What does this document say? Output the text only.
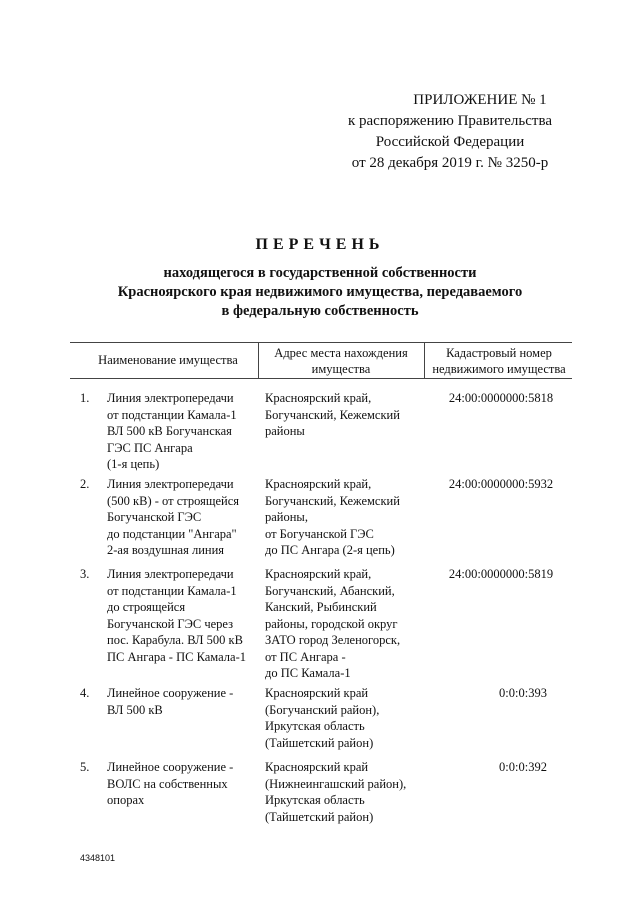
ПРИЛОЖЕНИЕ № 1
к распоряжению Правительства
Российской Федерации
от 28 декабря 2019 г. № 3250-р
ПЕРЕЧЕНЬ
находящегося в государственной собственности
Красноярского края недвижимого имущества, передаваемого
в федеральную собственность
Наименование имущества	Адрес места нахождения
имущества
Кадастровый номер
недвижимого имущества
1. Линия электропередачи
от подстанции Камала-1
ВЛ 500 кВ Богучанская
ГЭС ПС Ангара
(1-я цепь)
Красноярский край,
Богучанский, Кежемский
районы
24:00:0000000:5818
2. Линия электропередачи
(500 кВ) - от строящейся
Богучанской ГЭС
до подстанции "Ангара"
2-ая воздушная линия
Красноярский край,
Богучанский, Кежемский
районы,
от Богучанской ГЭС
до ПС Ангара (2-я цепь)
24:00:0000000:5932
3. Линия электропередачи
от подстанции Камала-1
до строящейся
Богучанской ГЭС через
пос. Карабула. ВЛ 500 кВ
ПС Ангара - ПС Камала-1
Красноярский край,
Богучанский, Абанский,
Канский, Рыбинский
районы, городской округ
ЗАТО город Зеленогорск,
от ПС Ангара -
до ПС Камала-1
24:00:0000000:5819
4. Линейное сооружение -
ВЛ 500 кВ
Красноярский край
(Богучанский район),
Иркутская область
(Тайшетский район)
0:0:0:393
5. Линейное сооружение -
ВОЛС на собственных
опорах
Красноярский край
(Нижнеингашский район),
Иркутская область
(Тайшетский район)
0:0:0:392
4348101
